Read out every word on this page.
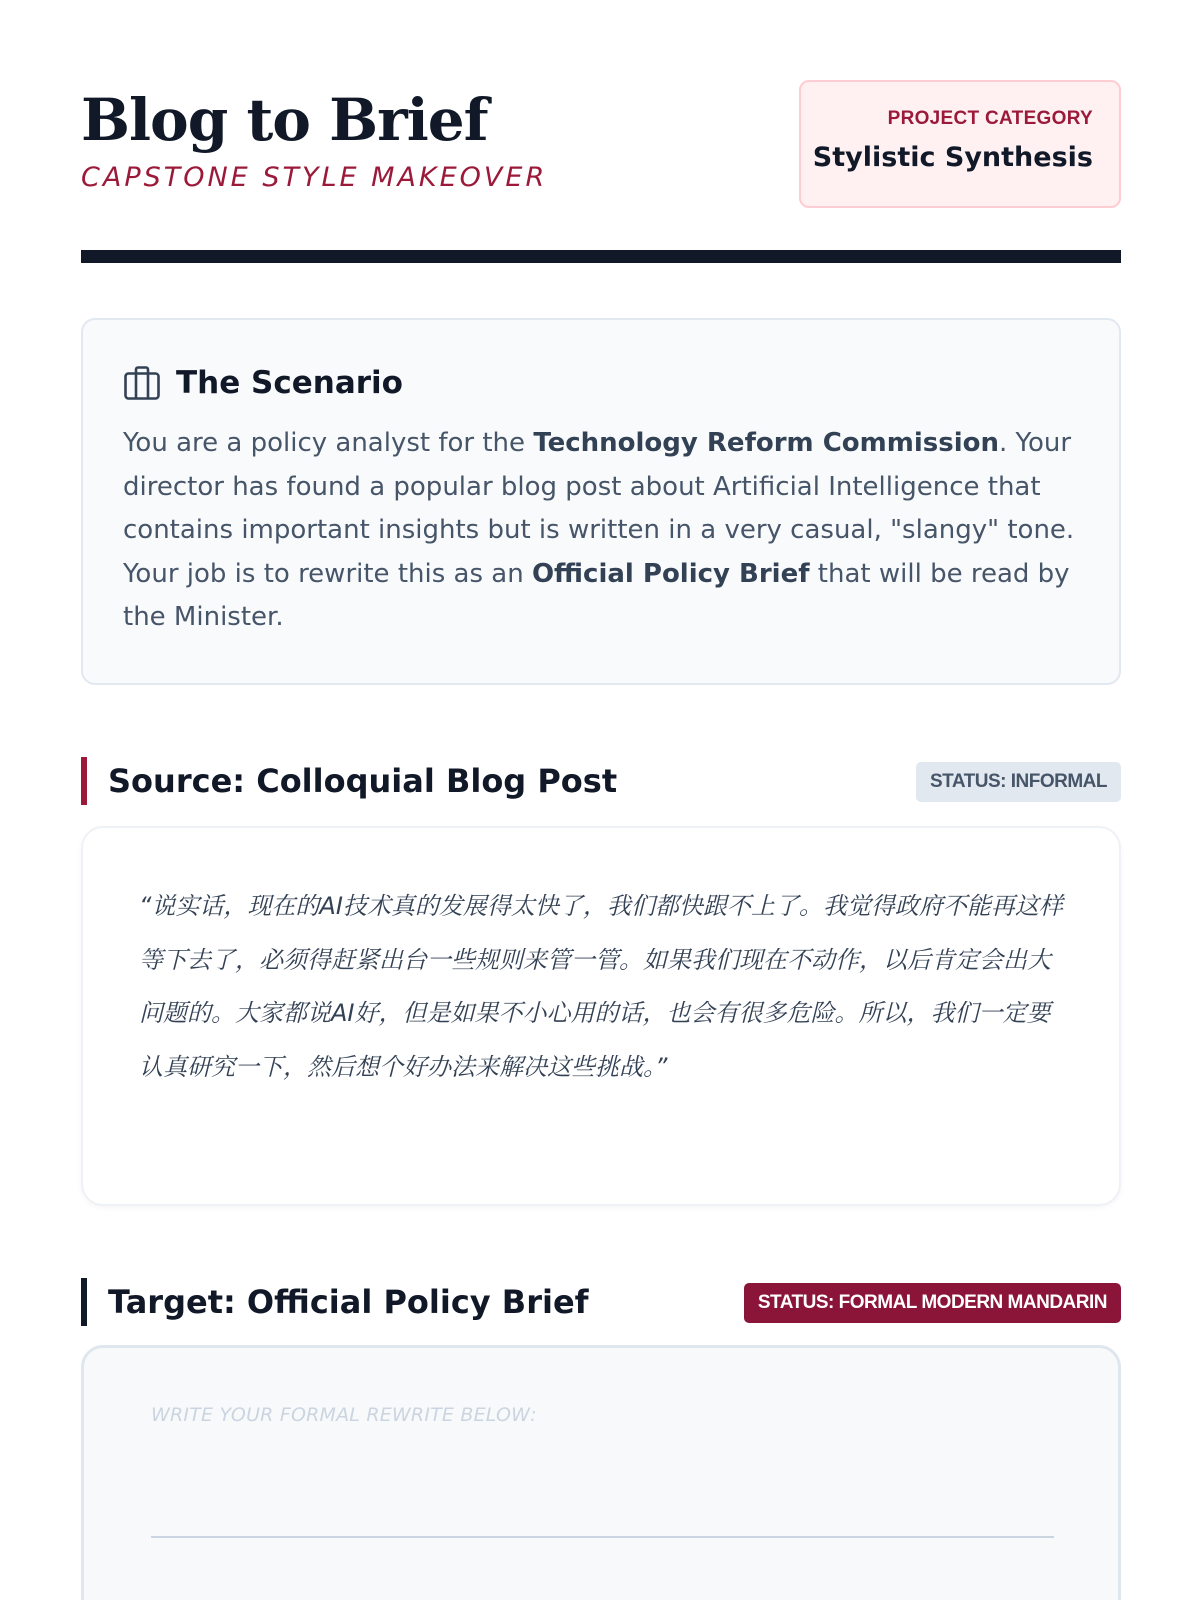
Blog to Brief
CAPSTONE STYLE MAKEOVER
PROJECT CATEGORY
Stylistic Synthesis
The Scenario

You are a policy analyst for the Technology Reform Commission. Your director has found a popular blog post about Artificial Intelligence that contains important insights but is written in a very casual, "slangy" tone. Your job is to rewrite this as an Official Policy Brief that will be read by the Minister.

Source: Colloquial Blog Post	STATUS: INFORMAL
“说实话，现在的AI技术真的发展得太快了，我们都快跟不上了。我觉得政府不能再这样等下去了，必须得赶紧出台一些规则来管一管。如果我们现在不动作，以后肯定会出大问题的。大家都说AI好，但是如果不小心用的话，也会有很多危险。所以，我们一定要认真研究一下，然后想个好办法来解决这些挑战。”
Target: Official Policy Brief	STATUS: FORMAL MODERN MANDARIN
WRITE YOUR FORMAL REWRITE BELOW:
